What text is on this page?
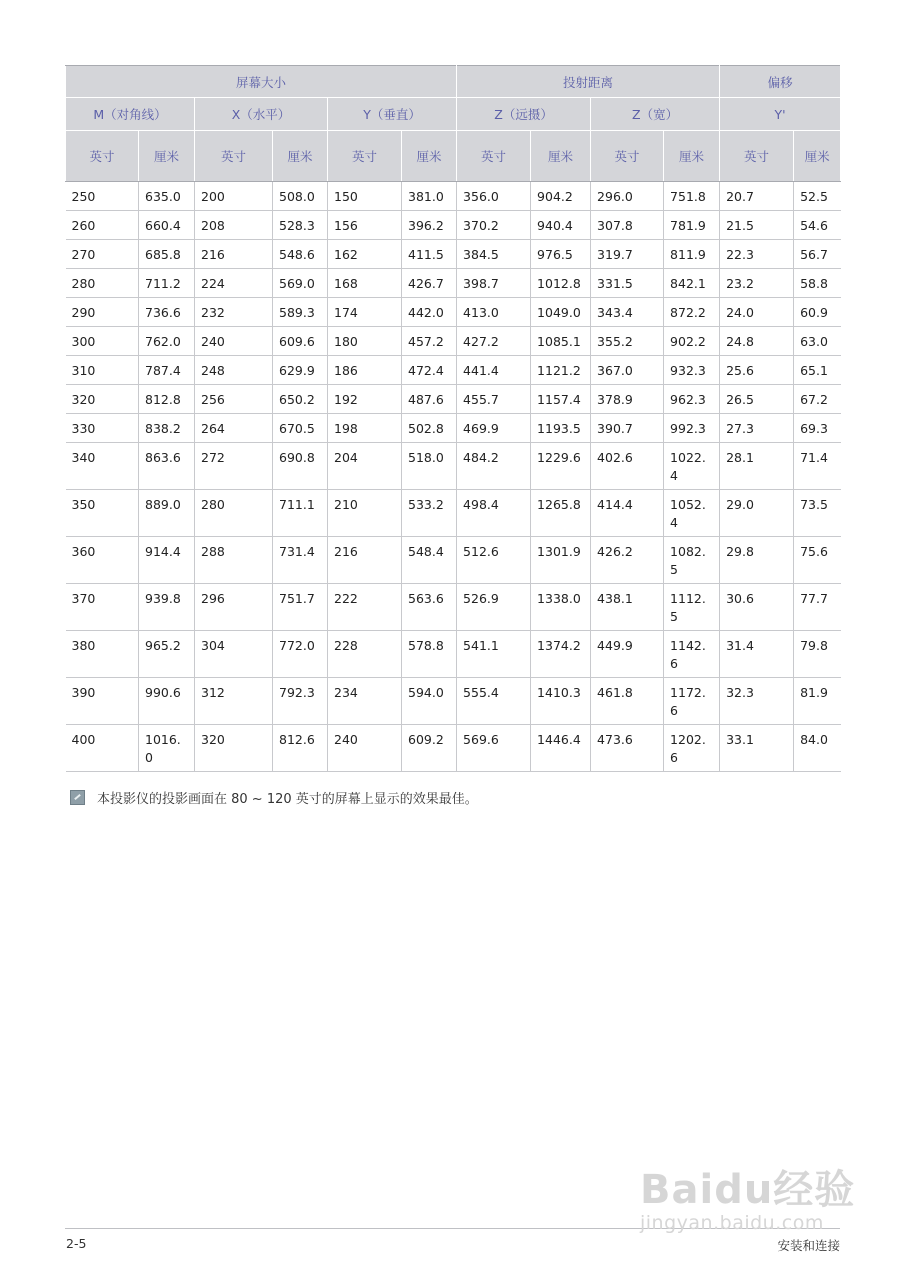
屏幕大小						投射距离				偏移	
M（对角线）		X（水平）		Y（垂直）		Z（远摄）		Z（宽）		Y'	
英寸	厘米	英寸	厘米	英寸	厘米	英寸	厘米	英寸	厘米	英寸	厘米
250	635.0	200	508.0	150	381.0	356.0	904.2	296.0	751.8	20.7	52.5
260	660.4	208	528.3	156	396.2	370.2	940.4	307.8	781.9	21.5	54.6
270	685.8	216	548.6	162	411.5	384.5	976.5	319.7	811.9	22.3	56.7
280	711.2	224	569.0	168	426.7	398.7	1012.8	331.5	842.1	23.2	58.8
290	736.6	232	589.3	174	442.0	413.0	1049.0	343.4	872.2	24.0	60.9
300	762.0	240	609.6	180	457.2	427.2	1085.1	355.2	902.2	24.8	63.0
310	787.4	248	629.9	186	472.4	441.4	1121.2	367.0	932.3	25.6	65.1
320	812.8	256	650.2	192	487.6	455.7	1157.4	378.9	962.3	26.5	67.2
330	838.2	264	670.5	198	502.8	469.9	1193.5	390.7	992.3	27.3	69.3
340	863.6	272	690.8	204	518.0	484.2	1229.6	402.6	1022.4	28.1	71.4
350	889.0	280	711.1	210	533.2	498.4	1265.8	414.4	1052.4	29.0	73.5
360	914.4	288	731.4	216	548.4	512.6	1301.9	426.2	1082.5	29.8	75.6
370	939.8	296	751.7	222	563.6	526.9	1338.0	438.1	1112.5	30.6	77.7
380	965.2	304	772.0	228	578.8	541.1	1374.2	449.9	1142.6	31.4	79.8
390	990.6	312	792.3	234	594.0	555.4	1410.3	461.8	1172.6	32.3	81.9
400	1016.0	320	812.6	240	609.2	569.6	1446.4	473.6	1202.6	33.1	84.0
本投影仪的投影画面在 80 ~ 120 英寸的屏幕上显示的效果最佳。
2-5	安装和连接
Baidu经验
jingyan.baidu.com
